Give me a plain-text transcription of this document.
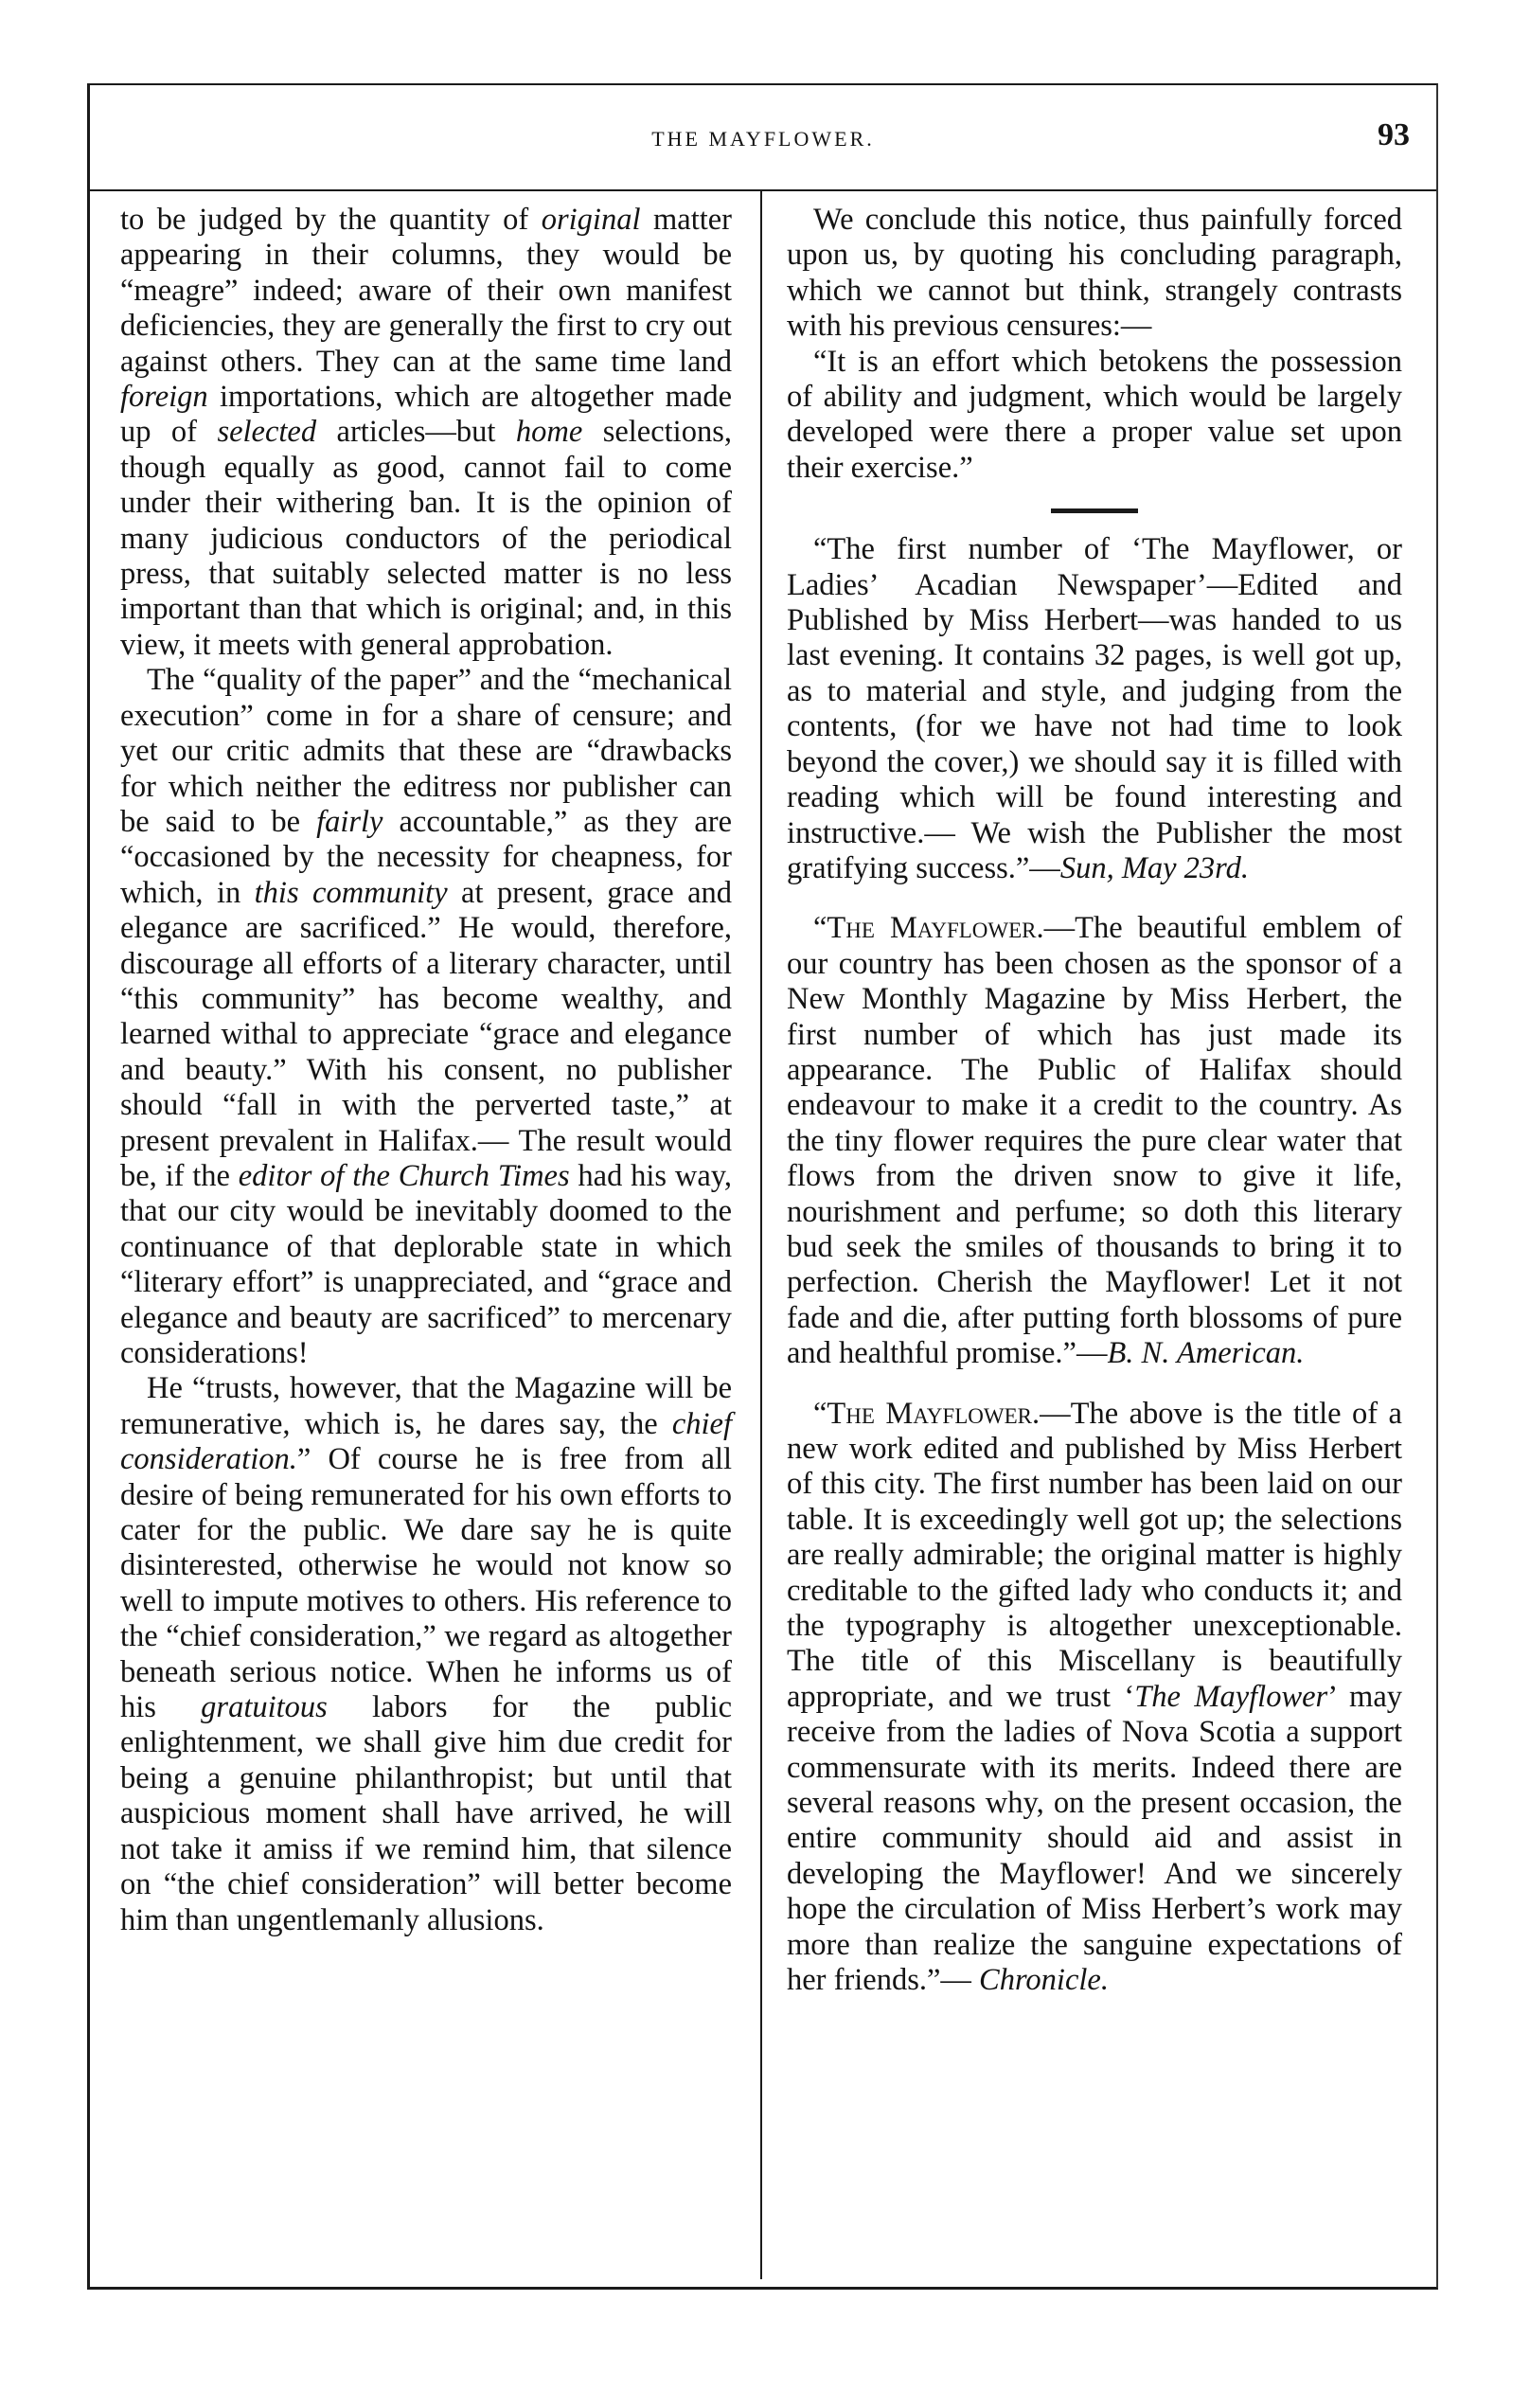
THE MAYFLOWER.	93

to be judged by the quantity of original matter appearing in their columns, they would be “meagre” indeed; aware of their own manifest deficiencies, they are generally the first to cry out against others. They can at the same time land foreign importations, which are altogether made up of selected articles—but home selections, though equally as good, cannot fail to come under their withering ban. It is the opinion of many judicious conductors of the periodical press, that suitably selected matter is no less important than that which is original; and, in this view, it meets with general approbation.

The “quality of the paper” and the “mechanical execution” come in for a share of censure; and yet our critic admits that these are “drawbacks for which neither the editress nor publisher can be said to be fairly accountable,” as they are “occasioned by the necessity for cheapness, for which, in this community at present, grace and elegance are sacrificed.” He would, therefore, discourage all efforts of a literary character, until “this community” has become wealthy, and learned withal to appreciate “grace and elegance and beauty.” With his consent, no publisher should “fall in with the perverted taste,” at present prevalent in Halifax.— The result would be, if the editor of the Church Times had his way, that our city would be inevitably doomed to the continuance of that deplorable state in which “literary effort” is unappreciated, and “grace and elegance and beauty are sacrificed” to mercenary considerations!

He “trusts, however, that the Magazine will be remunerative, which is, he dares say, the chief consideration.” Of course he is free from all desire of being remunerated for his own efforts to cater for the public. We dare say he is quite disinterested, otherwise he would not know so well to impute motives to others. His reference to the “chief consideration,” we regard as altogether beneath serious notice. When he informs us of his gratuitous labors for the public enlightenment, we shall give him due credit for being a genuine philanthropist; but until that auspicious moment shall have arrived, he will not take it amiss if we remind him, that silence on “the chief consideration” will better become him than ungentlemanly allusions.

We conclude this notice, thus painfully forced upon us, by quoting his concluding paragraph, which we cannot but think, strangely contrasts with his previous censures:—

“It is an effort which betokens the possession of ability and judgment, which would be largely developed were there a proper value set upon their exercise.”

“The first number of ‘The Mayflower, or Ladies’ Acadian Newspaper’—Edited and Published by Miss Herbert—was handed to us last evening. It contains 32 pages, is well got up, as to material and style, and judging from the contents, (for we have not had time to look beyond the cover,) we should say it is filled with reading which will be found interesting and instructive.— We wish the Publisher the most gratifying success.”—Sun, May 23rd.

“The Mayflower.—The beautiful emblem of our country has been chosen as the sponsor of a New Monthly Magazine by Miss Herbert, the first number of which has just made its appearance. The Public of Halifax should endeavour to make it a credit to the country. As the tiny flower requires the pure clear water that flows from the driven snow to give it life, nourishment and perfume; so doth this literary bud seek the smiles of thousands to bring it to perfection. Cherish the Mayflower! Let it not fade and die, after putting forth blossoms of pure and healthful promise.”—B. N. American.

“The Mayflower.—The above is the title of a new work edited and published by Miss Herbert of this city. The first number has been laid on our table. It is exceedingly well got up; the selections are really admirable; the original matter is highly creditable to the gifted lady who conducts it; and the typography is altogether unexceptionable. The title of this Miscellany is beautifully appropriate, and we trust ‘The Mayflower’ may receive from the ladies of Nova Scotia a support commensurate with its merits. Indeed there are several reasons why, on the present occasion, the entire community should aid and assist in developing the Mayflower! And we sincerely hope the circulation of Miss Herbert’s work may more than realize the sanguine expectations of her friends.”— Chronicle.
